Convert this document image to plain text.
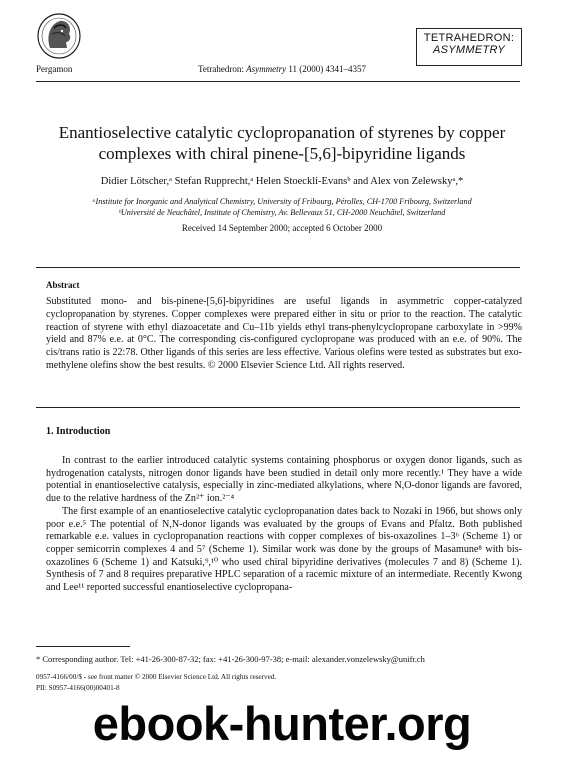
Pergamon	Tetrahedron: Asymmetry 11 (2000) 4341–4357
TETRAHEDRON:
ASYMMETRY
Enantioselective catalytic cyclopropanation of styrenes by copper complexes with chiral pinene-[5,6]-bipyridine ligands
Didier Lötscher,ᵃ Stefan Rupprecht,ᵃ Helen Stoeckli-Evansᵇ and Alex von Zelewskyᵃ,*
ᵃInstitute for Inorganic and Analytical Chemistry, University of Fribourg, Pérolles, CH-1700 Fribourg, Switzerland
ᵇUniversité de Neuchâtel, Institute of Chemistry, Av. Bellevaux 51, CH-2000 Neuchâtel, Switzerland
Received 14 September 2000; accepted 6 October 2000
Abstract
Substituted mono- and bis-pinene-[5,6]-bipyridines are useful ligands in asymmetric copper-catalyzed cyclopropanation by styrenes. Copper complexes were prepared either in situ or prior to the reaction. The catalytic reaction of styrene with ethyl diazoacetate and Cu–11b yields ethyl trans-phenylcyclopropane carboxylate in >99% yield and 87% e.e. at 0°C. The corresponding cis-configured cyclopropane was produced with an e.e. of 90%. The cis/trans ratio is 22:78. Other ligands of this series are less effective. Various olefins were tested as substrates but exo-methylene olefins show the best results. © 2000 Elsevier Science Ltd. All rights reserved.
1. Introduction

In contrast to the earlier introduced catalytic systems containing phosphorus or oxygen donor ligands, such as hydrogenation catalysts, nitrogen donor ligands have been studied in detail only more recently.¹ They have a wide potential in enantioselective catalysis, especially in zinc-mediated alkylations, where N,O-donor ligands are favored, due to the relative hardness of the Zn²⁺ ion.²⁻⁴

The first example of an enantioselective catalytic cyclopropanation dates back to Nozaki in 1966, but shows only poor e.e.⁵ The potential of N,N-donor ligands was evaluated by the groups of Evans and Pfaltz. Both published remarkable e.e. values in cyclopropanation reactions with copper complexes of bis-oxazolines 1–3⁶ (Scheme 1) or copper semicorrin complexes 4 and 5⁷ (Scheme 1). Similar work was done by the groups of Masamune⁸ with bis-oxazolines 6 (Scheme 1) and Katsuki,⁹,¹⁰ who used chiral bipyridine derivatives (molecules 7 and 8) (Scheme 1). Synthesis of 7 and 8 requires preparative HPLC separation of a racemic mixture of an intermediate. Recently Kwong and Lee¹¹ reported successful enantioselective cyclopropana-

* Corresponding author. Tel: +41-26-300-87-32; fax: +41-26-300-97-38; e-mail: alexander.vonzelewsky@unifr.ch
0957-4166/00/$ - see front matter © 2000 Elsevier Science Ltd. All rights reserved.
PII: S0957-4166(00)00401-8
ebook-hunter.org
